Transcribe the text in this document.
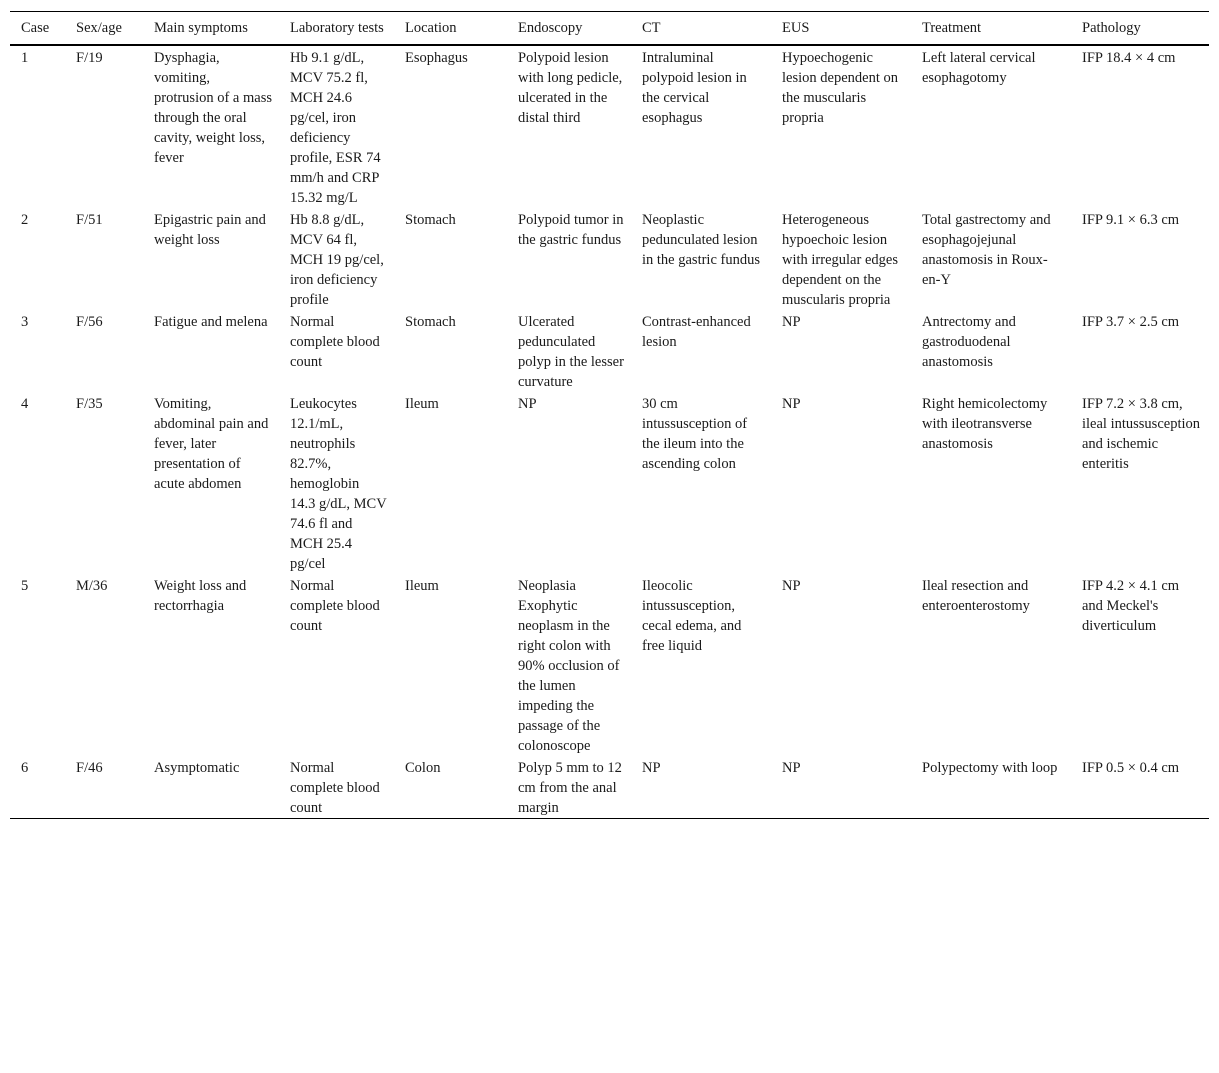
Case	Sex/age	Main symptoms	Laboratory tests	Location	Endoscopy	CT	EUS	Treatment	Pathology
1	F/19	Dysphagia, vomiting, protrusion of a mass through the oral cavity, weight loss, fever	Hb 9.1 g/dL, MCV 75.2 fl, MCH 24.6 pg/cel, iron deficiency profile, ESR 74 mm/h and CRP 15.32 mg/L	Esophagus	Polypoid lesion with long pedicle, ulcerated in the distal third	Intraluminal polypoid lesion in the cervical esophagus	Hypoechogenic lesion dependent on the muscularis propria	Left lateral cervical esophagotomy	IFP 18.4 × 4 cm
2	F/51	Epigastric pain and weight loss	Hb 8.8 g/dL, MCV 64 fl, MCH 19 pg/cel, iron deficiency profile	Stomach	Polypoid tumor in the gastric fundus	Neoplastic pedunculated lesion in the gastric fundus	Heterogeneous hypoechoic lesion with irregular edges dependent on the muscularis propria	Total gastrectomy and esophagojejunal anastomosis in Roux-en-Y	IFP 9.1 × 6.3 cm
3	F/56	Fatigue and melena	Normal complete blood count	Stomach	Ulcerated pedunculated polyp in the lesser curvature	Contrast-enhanced lesion	NP	Antrectomy and gastroduodenal anastomosis	IFP 3.7 × 2.5 cm
4	F/35	Vomiting, abdominal pain and fever, later presentation of acute abdomen	Leukocytes 12.1/mL, neutrophils 82.7%, hemoglobin 14.3 g/dL, MCV 74.6 fl and MCH 25.4 pg/cel	Ileum	NP	30 cm intussusception of the ileum into the ascending colon	NP	Right hemicolectomy with ileotransverse anastomosis	IFP 7.2 × 3.8 cm, ileal intussusception and ischemic enteritis
5	M/36	Weight loss and rectorrhagia	Normal complete blood count	Ileum	Neoplasia Exophytic neoplasm in the right colon with 90% occlusion of the lumen impeding the passage of the colonoscope	Ileocolic intussusception, cecal edema, and free liquid	NP	Ileal resection and enteroenterostomy	IFP 4.2 × 4.1 cm and Meckel's diverticulum
6	F/46	Asymptomatic	Normal complete blood count	Colon	Polyp 5 mm to 12 cm from the anal margin	NP	NP	Polypectomy with loop	IFP 0.5 × 0.4 cm
